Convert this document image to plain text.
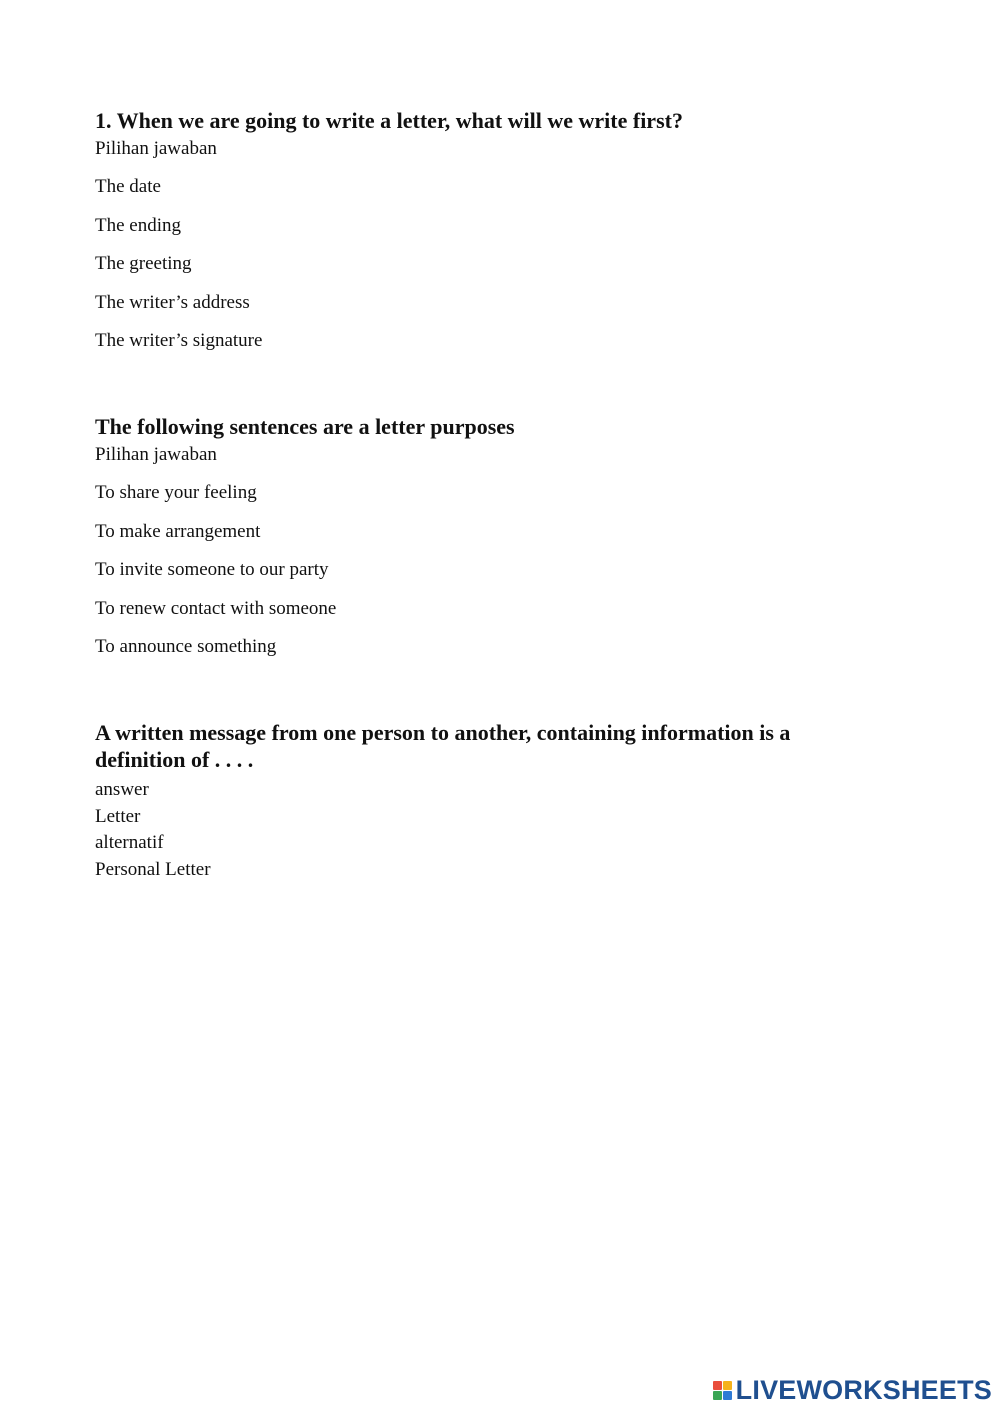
1. When we are going to write a letter, what will we write first?
Pilihan jawaban
The date
The ending
The greeting
The writer’s address
The writer’s signature
The following sentences are a letter purposes
Pilihan jawaban
To share your feeling
To make arrangement
To invite someone to our party
To renew contact with someone
To announce something
A written message from one person to another, containing information is a definition of . . . .
answer
Letter
alternatif
Personal Letter
LIVEWORKSHEETS
